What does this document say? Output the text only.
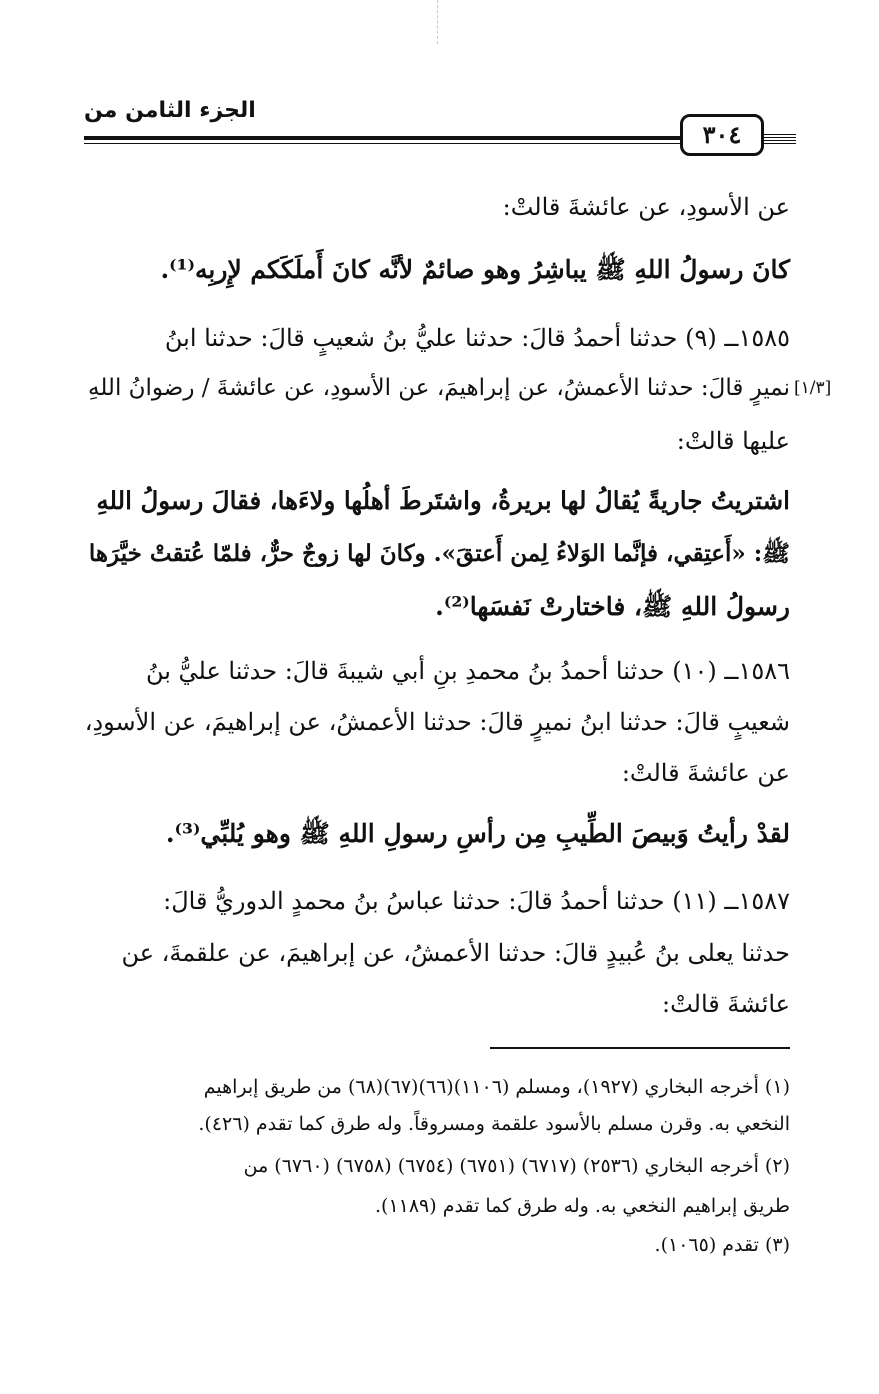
الجزء الثامن من
٣٠٤
عن الأسودِ، عن عائشةَ قالتْ:
كانَ رسولُ اللهِ ﷺ يباشِرُ وهو صائمٌ لأنَّه كانَ أَملَكَكم لإِربِه⁽¹⁾.
١٥٨٥ــ (٩) حدثنا أحمدُ قالَ: حدثنا عليُّ بنُ شعيبٍ قالَ: حدثنا ابنُ
نميرٍ قالَ: حدثنا الأعمشُ، عن إبراهيمَ، عن الأسودِ، عن عائشةَ / رضوانُ اللهِ [١/٣]
عليها قالتْ:
اشتريتُ جاريةً يُقالُ لها بريرةُ، واشتَرطَ أهلُها ولاءَها، فقالَ رسولُ اللهِ
ﷺ: «أَعتِقي، فإنَّما الوَلاءُ لِمن أَعتقَ». وكانَ لها زوجٌ حرٌّ، فلمّا عُتقتْ خيَّرَها
رسولُ اللهِ ﷺ، فاختارتْ نَفسَها⁽²⁾.
١٥٨٦ــ (١٠) حدثنا أحمدُ بنُ محمدِ بنِ أبي شيبةَ قالَ: حدثنا عليُّ بنُ
شعيبٍ قالَ: حدثنا ابنُ نميرٍ قالَ: حدثنا الأعمشُ، عن إبراهيمَ، عن الأسودِ،
عن عائشةَ قالتْ:
لقدْ رأيتُ وَبيصَ الطِّيبِ مِن رأسِ رسولِ اللهِ ﷺ وهو يُلبِّي⁽³⁾.
١٥٨٧ــ (١١) حدثنا أحمدُ قالَ: حدثنا عباسُ بنُ محمدٍ الدوريُّ قالَ:
حدثنا يعلى بنُ عُبيدٍ قالَ: حدثنا الأعمشُ، عن إبراهيمَ، عن علقمةَ، عن
عائشةَ قالتْ:
(١) أخرجه البخاري (١٩٢٧)، ومسلم (١١٠٦)(٦٦)(٦٧)(٦٨) من طريق إبراهيم
النخعي به. وقرن مسلم بالأسود علقمة ومسروقاً. وله طرق كما تقدم (٤٢٦).
(٢) أخرجه البخاري (٢٥٣٦) (٦٧١٧) (٦٧٥١) (٦٧٥٤) (٦٧٥٨) (٦٧٦٠) من
طريق إبراهيم النخعي به. وله طرق كما تقدم (١١٨٩).
(٣) تقدم (١٠٦٥).
